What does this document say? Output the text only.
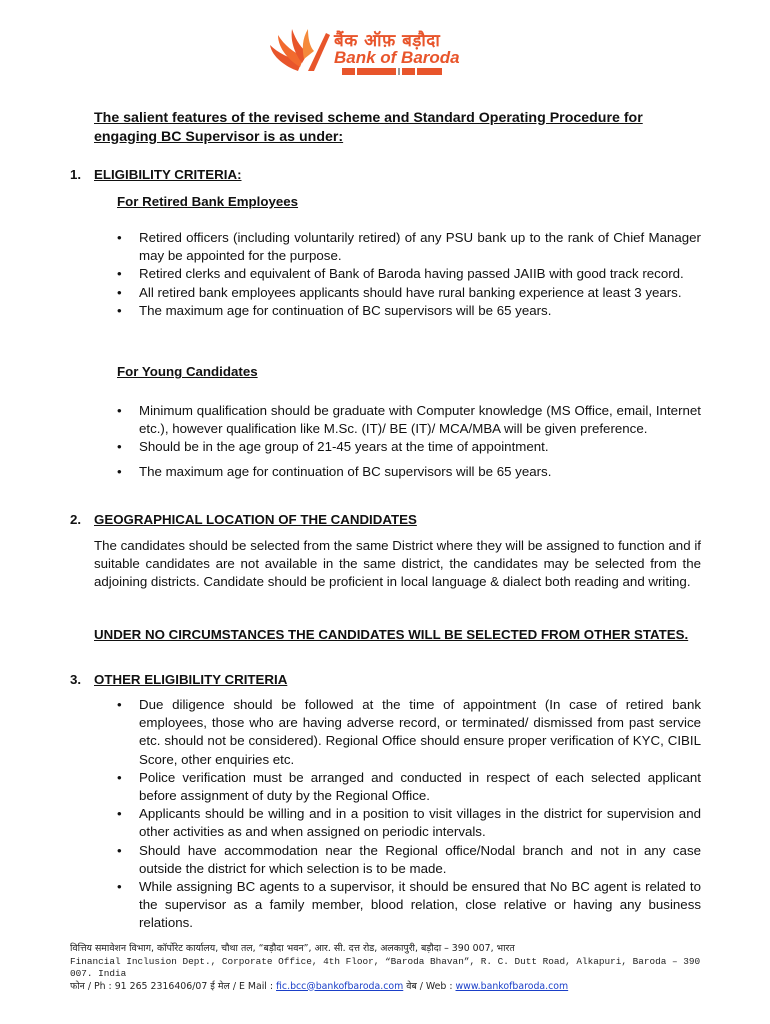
बैंक ऑफ़ बड़ौदा
Bank of Baroda
The salient features of the revised scheme and Standard Operating Procedure for engaging BC Supervisor is as under:
1. ELIGIBILITY CRITERIA:
For Retired Bank Employees
• Retired officers (including voluntarily retired) of any PSU bank up to the rank of Chief Manager may be appointed for the purpose.
• Retired clerks and equivalent of Bank of Baroda having passed JAIIB with good track record.
• All retired bank employees applicants should have rural banking experience at least 3 years.
• The maximum age for continuation of BC supervisors will be 65 years.
For Young Candidates
• Minimum qualification should be graduate with Computer knowledge (MS Office, email, Internet etc.), however qualification like M.Sc. (IT)/ BE (IT)/ MCA/MBA will be given preference.
• Should be in the age group of 21-45 years at the time of appointment.
• The maximum age for continuation of BC supervisors will be 65 years.
2. GEOGRAPHICAL LOCATION OF THE CANDIDATES

The candidates should be selected from the same District where they will be assigned to function and if suitable candidates are not available in the same district, the candidates may be selected from the adjoining districts. Candidate should be proficient in local language & dialect both reading and writing.

UNDER NO CIRCUMSTANCES THE CANDIDATES WILL BE SELECTED FROM OTHER STATES.

3. OTHER ELIGIBILITY CRITERIA
• Due diligence should be followed at the time of appointment (In case of retired bank employees, those who are having adverse record, or terminated/ dismissed from past service etc. should not be considered). Regional Office should ensure proper verification of KYC, CIBIL Score, other enquiries etc.
• Police verification must be arranged and conducted in respect of each selected applicant before assignment of duty by the Regional Office.
• Applicants should be willing and in a position to visit villages in the district for supervision and other activities as and when assigned on periodic intervals.
• Should have accommodation near the Regional office/Nodal branch and not in any case outside the district for which selection is to be made.
• While assigning BC agents to a supervisor, it should be ensured that No BC agent is related to the supervisor as a family member, blood relation, close relative or having any business relations.
वित्तिय समावेशन विभाग, कॉर्पोरेट कार्यालय, चौथा तल, “बड़ौदा भवन”, आर. सी. दत्त रोड, अलकापुरी, बड़ौदा – 390 007, भारत
Financial Inclusion Dept., Corporate Office, 4th Floor, “Baroda Bhavan”, R. C. Dutt Road, Alkapuri, Baroda – 390 007. India
फोन / Ph : 91 265 2316406/07 ई मेल / E Mail : fic.bcc@bankofbaroda.com वेब / Web : www.bankofbaroda.com
